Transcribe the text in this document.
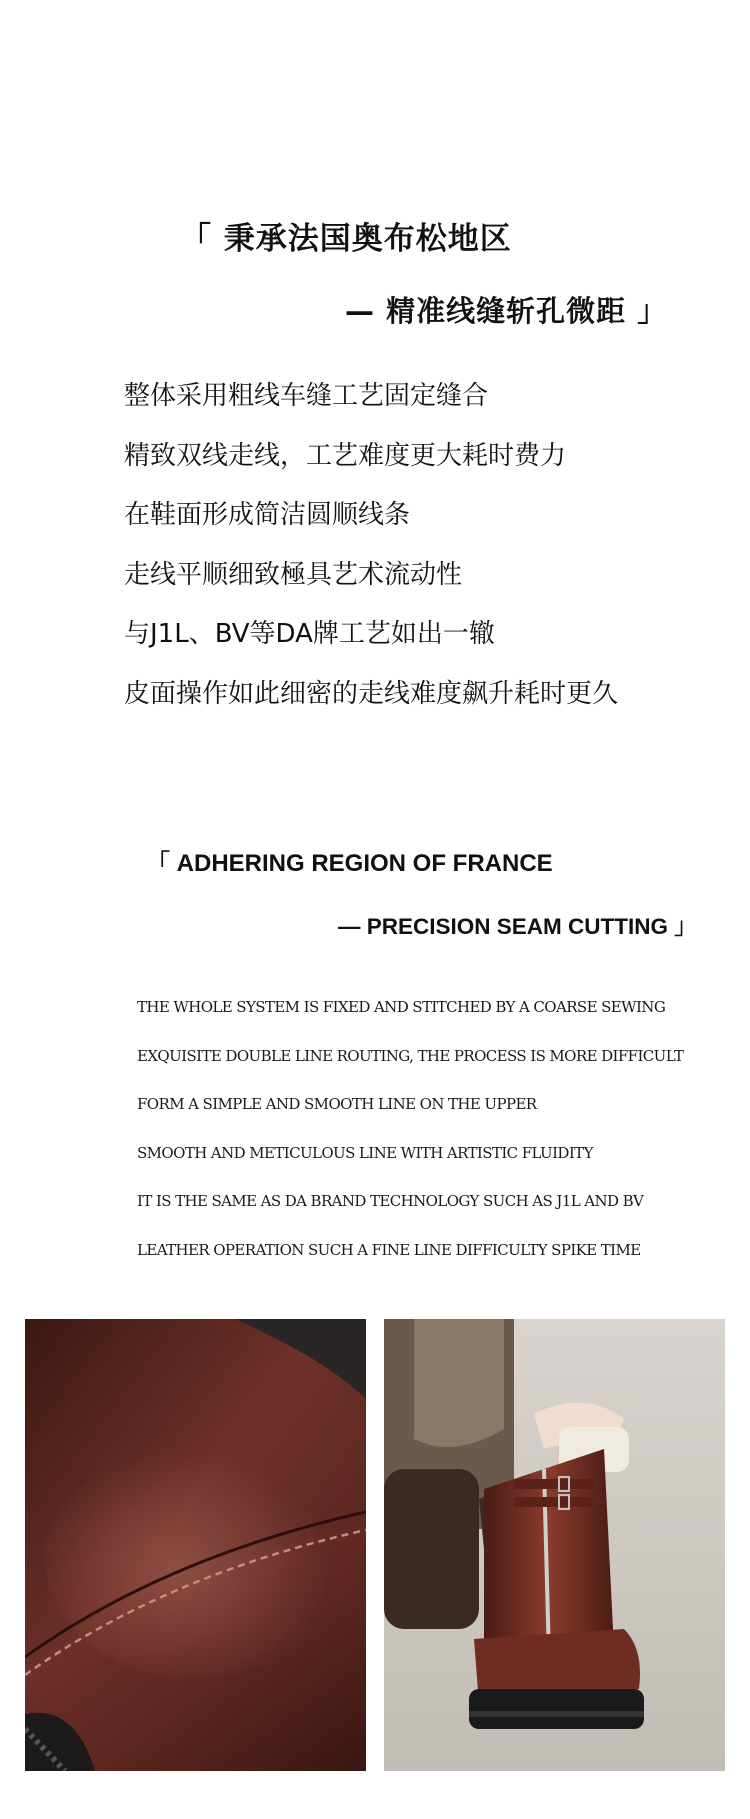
「 秉承法国奥布松地区
— 精准线缝斩孔微距 」
整体采用粗线车缝工艺固定缝合
精致双线走线，工艺难度更大耗时费力
在鞋面形成简洁圆顺线条
走线平顺细致極具艺术流动性
与J1L、BV等DA牌工艺如出一辙
皮面操作如此细密的走线难度飙升耗时更久
「 ADHERING REGION OF FRANCE
— PRECISION SEAM CUTTING 」
THE WHOLE SYSTEM IS FIXED AND STITCHED BY A COARSE SEWING
EXQUISITE DOUBLE LINE ROUTING, THE PROCESS IS MORE DIFFICULT
FORM A SIMPLE AND SMOOTH LINE ON THE UPPER
SMOOTH AND METICULOUS LINE WITH ARTISTIC FLUIDITY
IT IS THE SAME AS DA BRAND TECHNOLOGY SUCH AS J1L AND BV
LEATHER OPERATION SUCH A FINE LINE DIFFICULTY SPIKE TIME
